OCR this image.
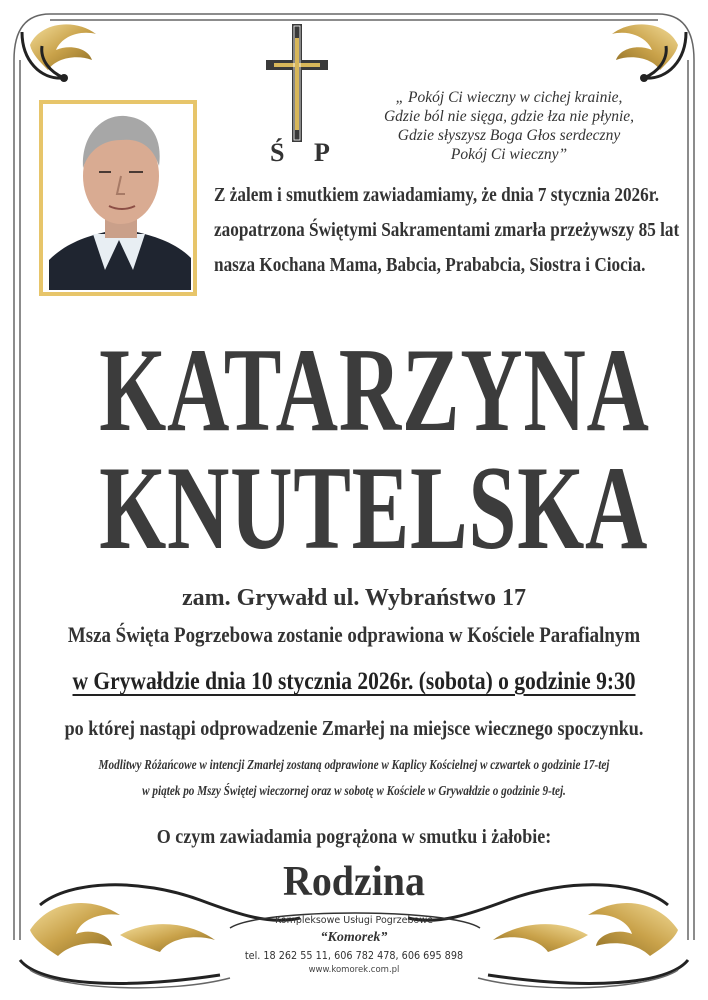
Ś P
„ Pokój Ci wieczny w cichej krainie,
Gdzie ból nie sięga, gdzie łza nie płynie,
Gdzie słyszysz Boga Głos serdeczny
Pokój Ci wieczny”
Z żalem i smutkiem zawiadamiamy, że dnia 7 stycznia 2026r.
zaopatrzona Świętymi Sakramentami zmarła przeżywszy 85 lat
nasza Kochana Mama, Babcia, Prababcia, Siostra i Ciocia.
KATARZYNA
KNUTELSKA
zam. Grywałd ul. Wybraństwo 17
Msza Święta Pogrzebowa zostanie odprawiona w Kościele Parafialnym
w Grywałdzie dnia 10 stycznia 2026r. (sobota) o godzinie 9:30
po której nastąpi odprowadzenie Zmarłej na miejsce wiecznego spoczynku.
Modlitwy Różańcowe w intencji Zmarłej zostaną odprawione w Kaplicy Kościelnej w czwartek o godzinie 17-tej
w piątek po Mszy Świętej wieczornej oraz w sobotę w Kościele w Grywałdzie o godzinie 9-tej.
O czym zawiadamia pogrążona w smutku i żałobie:
Rodzina
Kompleksowe Usługi Pogrzebowe
“Komorek”
tel. 18 262 55 11, 606 782 478, 606 695 898
www.komorek.com.pl
